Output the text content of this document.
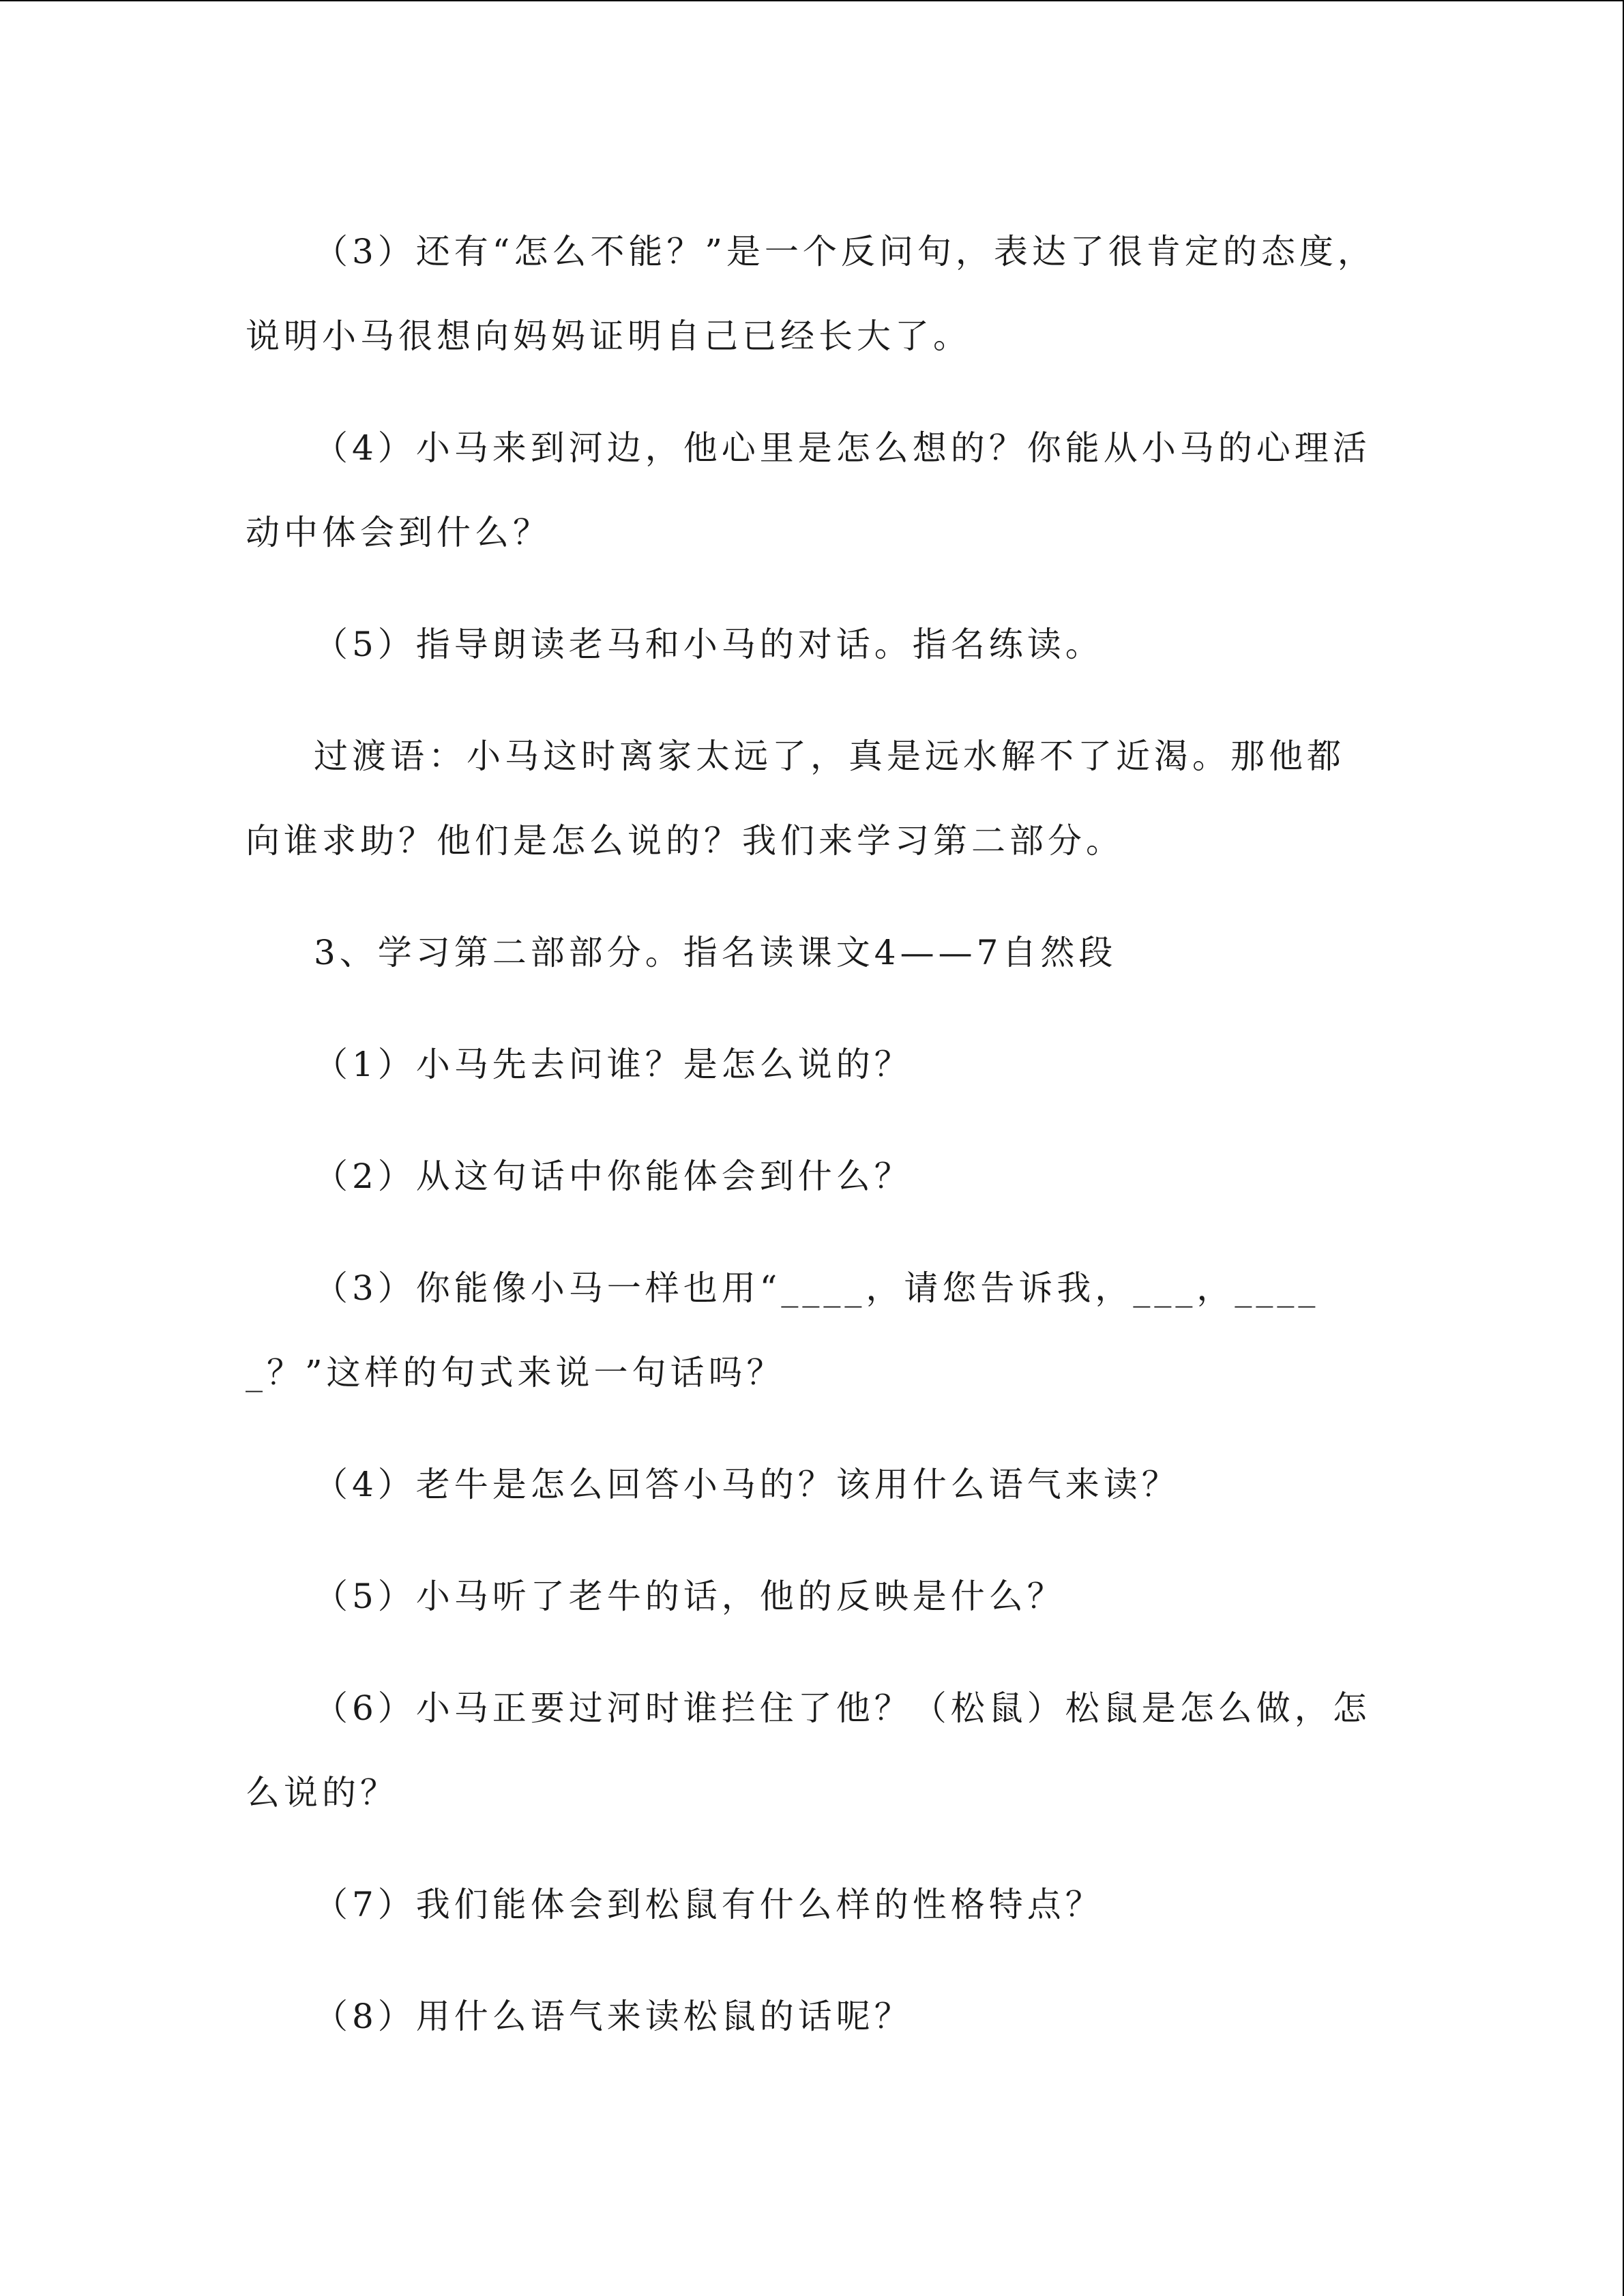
（3）还有“怎么不能？”是一个反问句，表达了很肯定的态度，说明小马很想向妈妈证明自己已经长大了。

（4）小马来到河边，他心里是怎么想的？你能从小马的心理活动中体会到什么？

（5）指导朗读老马和小马的对话。指名练读。

过渡语：小马这时离家太远了，真是远水解不了近渴。那他都向谁求助？他们是怎么说的？我们来学习第二部分。

3、学习第二部部分。指名读课文4——7自然段

（1）小马先去问谁？是怎么说的？

（2）从这句话中你能体会到什么？

（3）你能像小马一样也用“____，请您告诉我，___，_____？”这样的句式来说一句话吗？

（4）老牛是怎么回答小马的？该用什么语气来读？

（5）小马听了老牛的话，他的反映是什么？

（6）小马正要过河时谁拦住了他？（松鼠）松鼠是怎么做，怎么说的？

（7）我们能体会到松鼠有什么样的性格特点？

（8）用什么语气来读松鼠的话呢？
